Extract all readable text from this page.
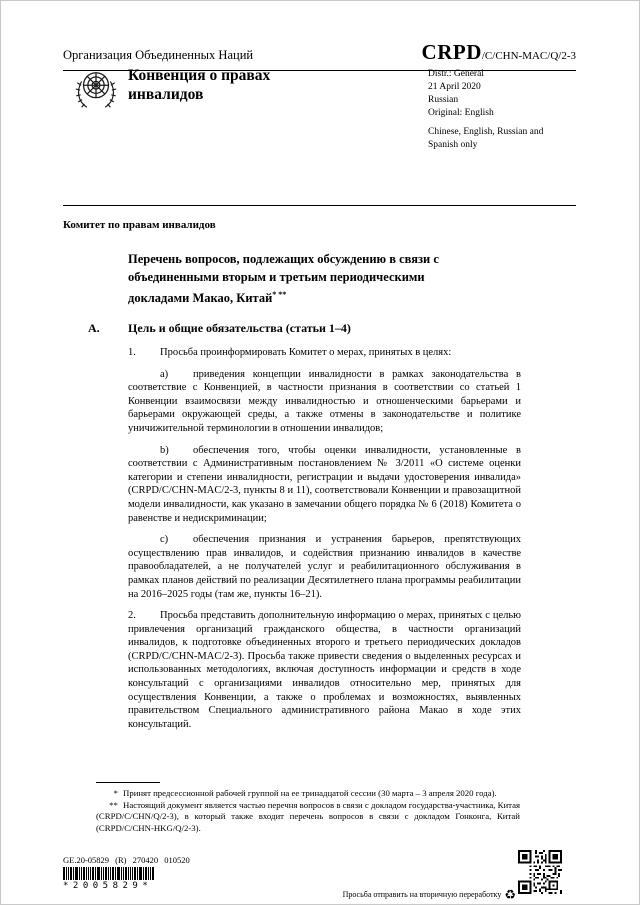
Организация Объединенных Наций	CRPD/C/CHN-MAC/Q/2-3
Конвенция о правах инвалидов
Distr.: General
21 April 2020
Russian
Original: English
Chinese, English, Russian and Spanish only
Комитет по правам инвалидов
Перечень вопросов, подлежащих обсуждению в связи с объединенными вторым и третьим периодическими докладами Макао, Китай* **
A. Цель и общие обязательства (статьи 1–4)

1. Просьба проинформировать Комитет о мерах, принятых в целях:

a) приведения концепции инвалидности в рамках законодательства в соответствие с Конвенцией, в частности признания в соответствии со статьей 1 Конвенции взаимосвязи между инвалидностью и отношенческими барьерами и барьерами окружающей среды, а также отмены в законодательстве и политике уничижительной терминологии в отношении инвалидов;

b) обеспечения того, чтобы оценки инвалидности, установленные в соответствии с Административным постановлением № 3/2011 «О системе оценки категории и степени инвалидности, регистрации и выдачи удостоверения инвалида» (CRPD/C/CHN-MAC/2-3, пункты 8 и 11), соответствовали Конвенции и правозащитной модели инвалидности, как указано в замечании общего порядка № 6 (2018) Комитета о равенстве и недискриминации;

c) обеспечения признания и устранения барьеров, препятствующих осуществлению прав инвалидов, и содействия признанию инвалидов в качестве правообладателей, а не получателей услуг и реабилитационного обслуживания в рамках планов действий по реализации Десятилетнего плана программы реабилитации на 2016–2025 годы (там же, пункты 16–21).

2. Просьба представить дополнительную информацию о мерах, принятых с целью привлечения организаций гражданского общества, в частности организаций инвалидов, к подготовке объединенных второго и третьего периодических докладов (CRPD/C/CHN-MAC/2-3). Просьба также привести сведения о выделенных ресурсах и использованных методологиях, включая доступность информации и средств в ходе консультаций с организациями инвалидов относительно мер, принятых для осуществления Конвенции, а также о проблемах и возможностях, выявленных правительством Специального административного района Макао в ходе этих консультаций.

* Принят предсессионной рабочей группой на ее тринадцатой сессии (30 марта – 3 апреля 2020 года).

** Настоящий документ является частью перечня вопросов в связи с докладом государства-участника, Китая (CRPD/C/CHN/Q/2-3), в который также входит перечень вопросов в связи с докладом Гонконга, Китай (CRPD/C/CHN-HKG/Q/2-3).

GE.20-05829 (R) 270420 010520
*2005829*
Просьба отправить на вторичную переработку ♻
